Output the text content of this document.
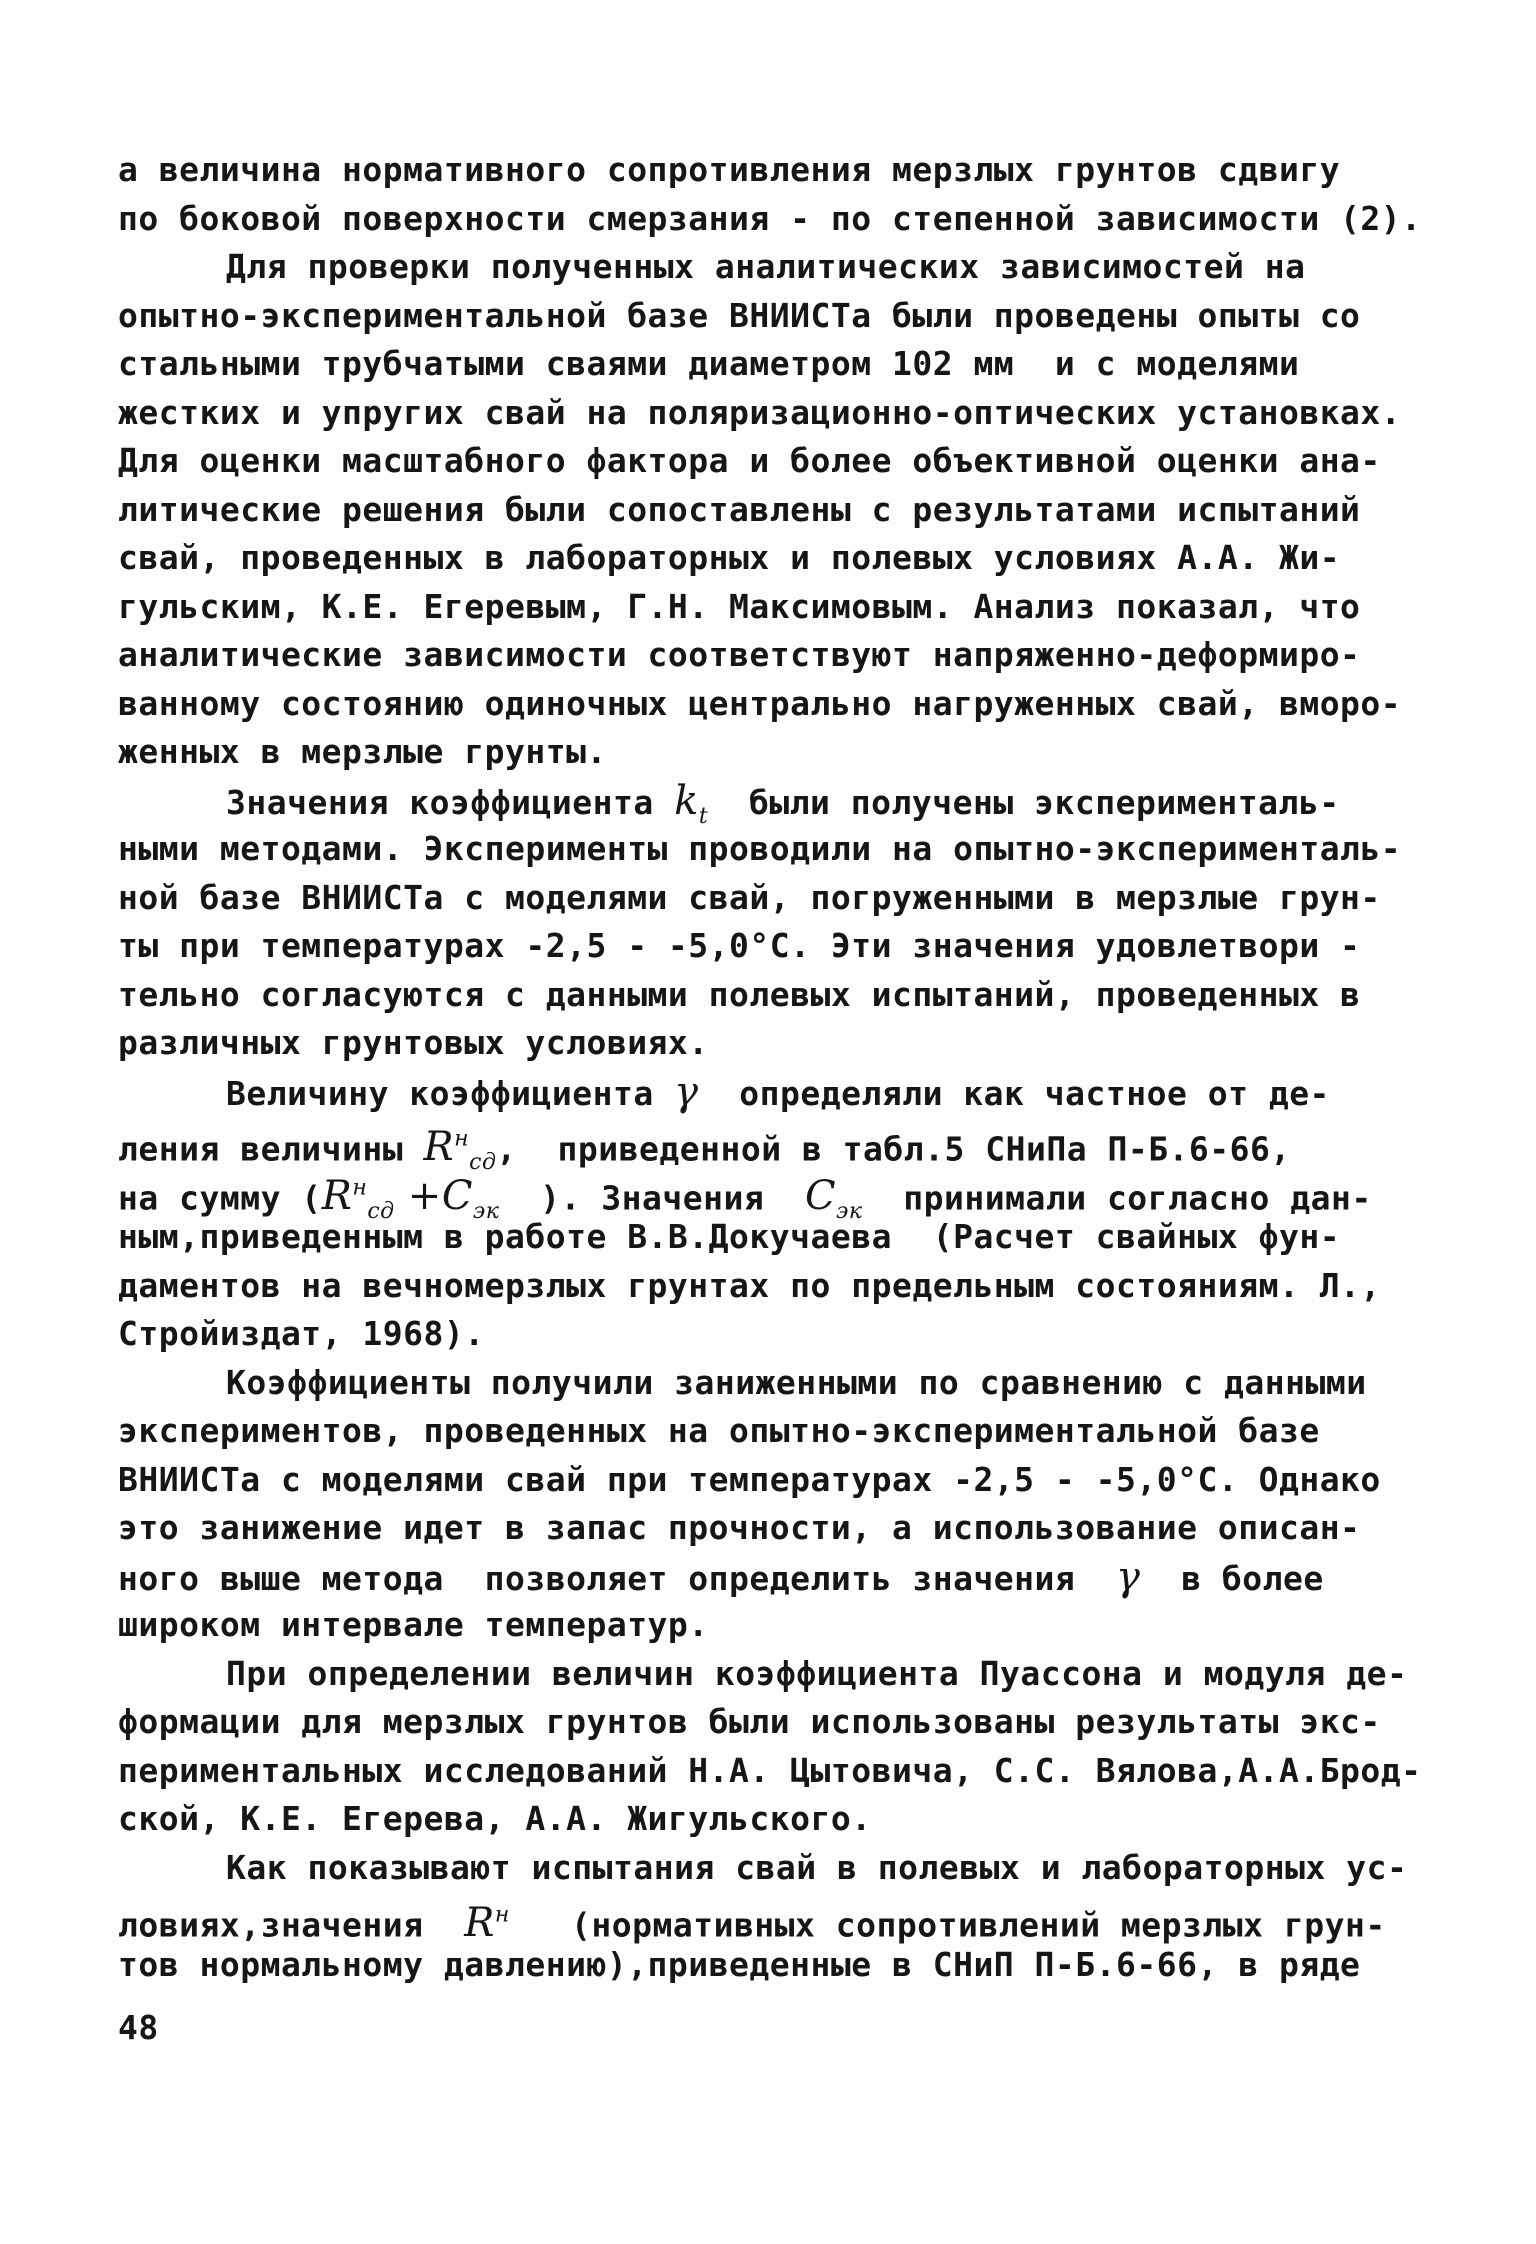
а величина нормативного сопротивления мерзлых грунтов сдвигу
по боковой поверхности смерзания - по степенной зависимости (2).
Для проверки полученных аналитических зависимостей на
опытно-экспериментальной базе ВНИИСТа были проведены опыты со
стальными трубчатыми сваями диаметром 102 мм  и с моделями
жестких и упругих свай на поляризационно-оптических установках.
Для оценки масштабного фактора и более объективной оценки ана-
литические решения были сопоставлены с результатами испытаний
свай, проведенных в лабораторных и полевых условиях А.А. Жи-
гульским, К.Е. Егеревым, Г.Н. Максимовым. Анализ показал, что
аналитические зависимости соответствуют напряженно-деформиро-
ванному состоянию одиночных центрально нагруженных свай, вморо-
женных в мерзлые грунты.
Значения коэффициента $k_t$ были получены эксперименталь-
ными методами. Эксперименты проводили на опытно-эксперименталь-
ной базе ВНИИСТа с моделями свай, погруженными в мерзлые грун-
ты при температурах -2,5 - -5,0°С. Эти значения удовлетвори -
тельно согласуются с данными полевых испытаний, проведенных в
различных грунтовых условиях.
Величину коэффициента γ определяли как частное от де-
ления величины $R^н_{сд}$,  приведенной в табл.5 СНиПа П-Б.6-66,
на сумму ($R^н_{сд} +C_{эк}$ ). Значения $C_{эк}$ принимали согласно дан-
ным,приведенным в работе В.В.Докучаева  (Расчет свайных фун-
даментов на вечномерзлых грунтах по предельным состояниям. Л.,
Стройиздат, 1968).
Коэффициенты получили заниженными по сравнению с данными
экспериментов, проведенных на опытно-экспериментальной базе
ВНИИСТа с моделями свай при температурах -2,5 - -5,0°С. Однако
это занижение идет в запас прочности, а использование описан-
ного выше метода  позволяет определить значения γ в более
широком интервале температур.
При определении величин коэффициента Пуассона и модуля де-
формации для мерзлых грунтов были использованы результаты экс-
периментальных исследований Н.А. Цытовича, С.С. Вялова,А.А.Брод-
ской, К.Е. Егерева, А.А. Жигульского.
Как показывают испытания свай в полевых и лабораторных ус-
ловиях,значения $R^н$ (нормативных сопротивлений мерзлых грун-
тов нормальному давлению),приведенные в СНиП П-Б.6-66, в ряде
48
